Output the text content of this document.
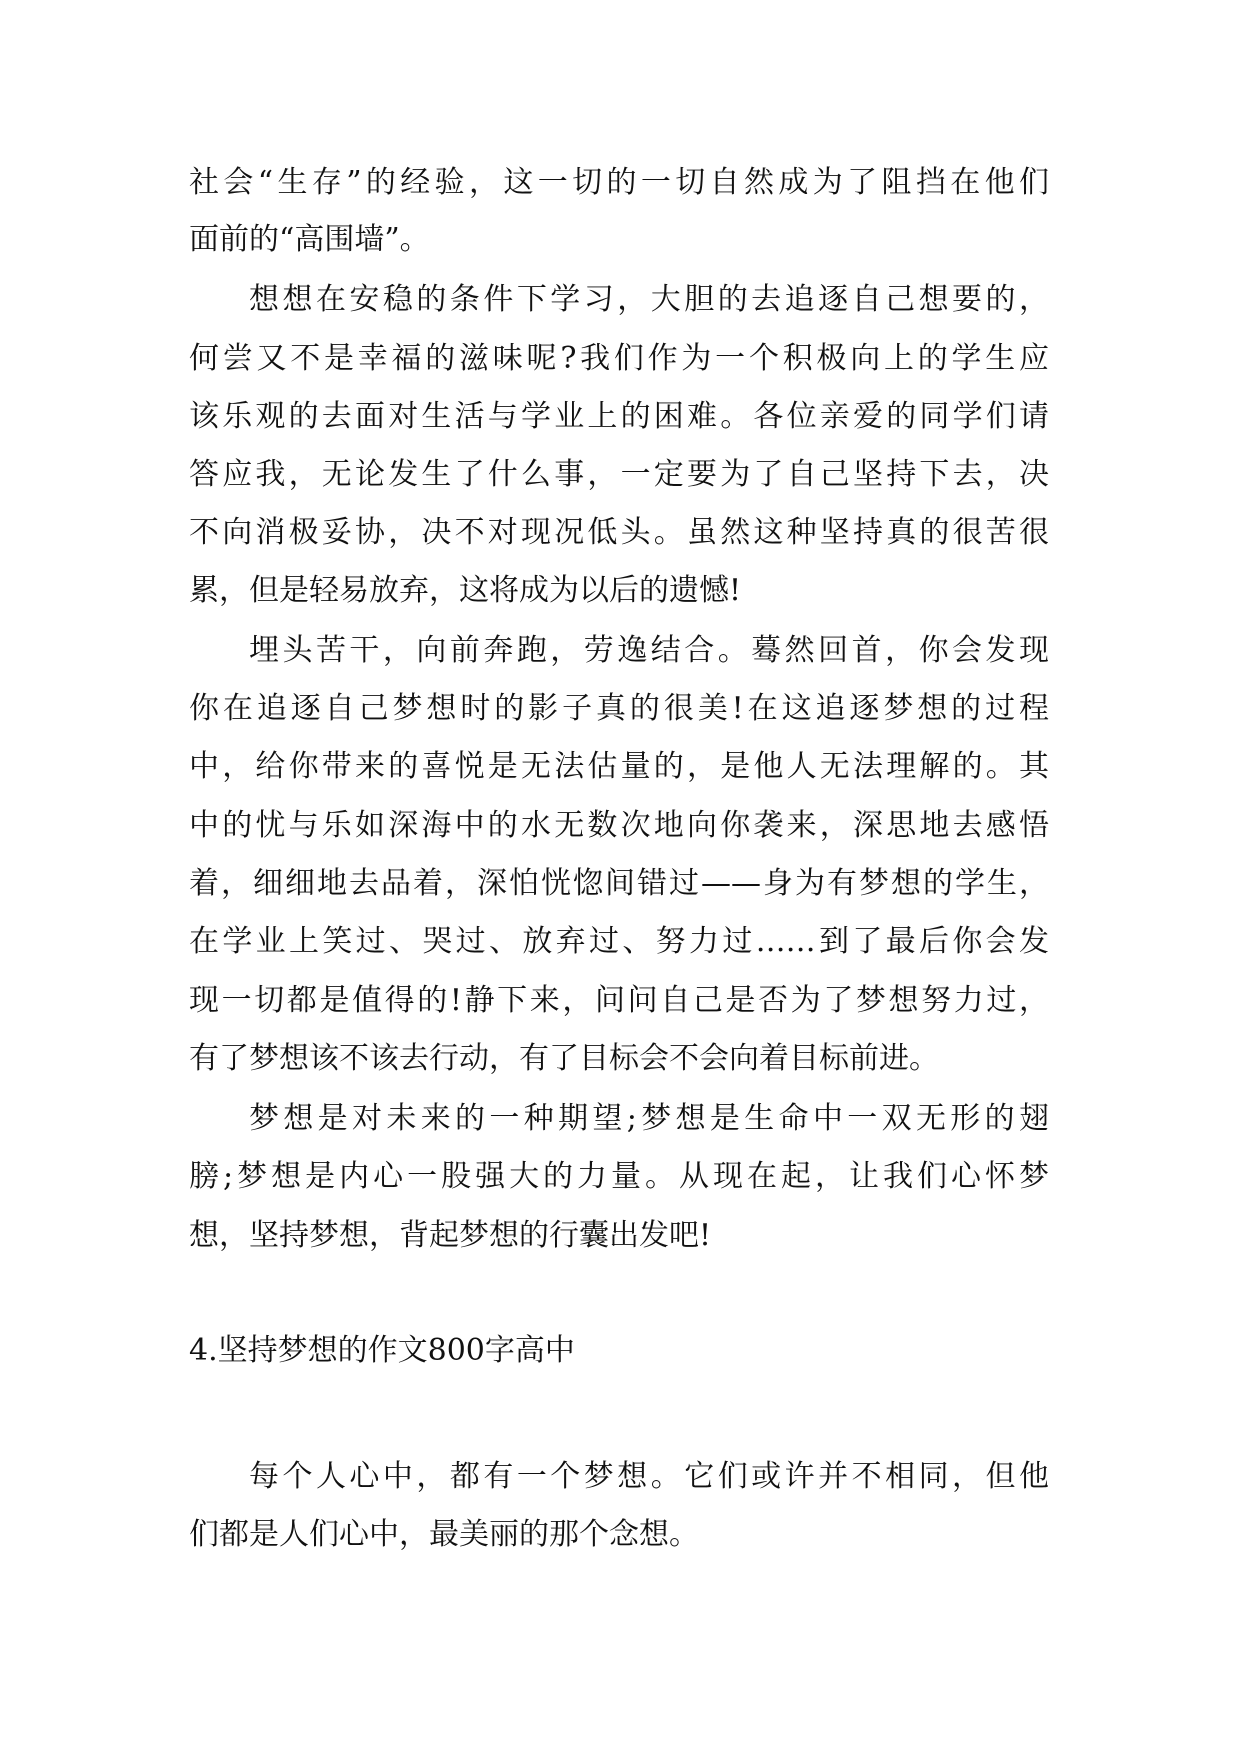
社会“生存”的经验，这一切的一切自然成为了阻挡在他们
面前的“高围墙”。
想想在安稳的条件下学习，大胆的去追逐自己想要的，
何尝又不是幸福的滋味呢?我们作为一个积极向上的学生应
该乐观的去面对生活与学业上的困难。各位亲爱的同学们请
答应我，无论发生了什么事，一定要为了自己坚持下去，决
不向消极妥协，决不对现况低头。虽然这种坚持真的很苦很
累，但是轻易放弃，这将成为以后的遗憾!
埋头苦干，向前奔跑，劳逸结合。蓦然回首，你会发现
你在追逐自己梦想时的影子真的很美!在这追逐梦想的过程
中，给你带来的喜悦是无法估量的，是他人无法理解的。其
中的忧与乐如深海中的水无数次地向你袭来，深思地去感悟
着，细细地去品着，深怕恍惚间错过——身为有梦想的学生，
在学业上笑过、哭过、放弃过、努力过……到了最后你会发
现一切都是值得的!静下来，问问自己是否为了梦想努力过，
有了梦想该不该去行动，有了目标会不会向着目标前进。
梦想是对未来的一种期望;梦想是生命中一双无形的翅
膀;梦想是内心一股强大的力量。从现在起，让我们心怀梦
想，坚持梦想，背起梦想的行囊出发吧!
4.坚持梦想的作文800字高中
每个人心中，都有一个梦想。它们或许并不相同，但他
们都是人们心中，最美丽的那个念想。
